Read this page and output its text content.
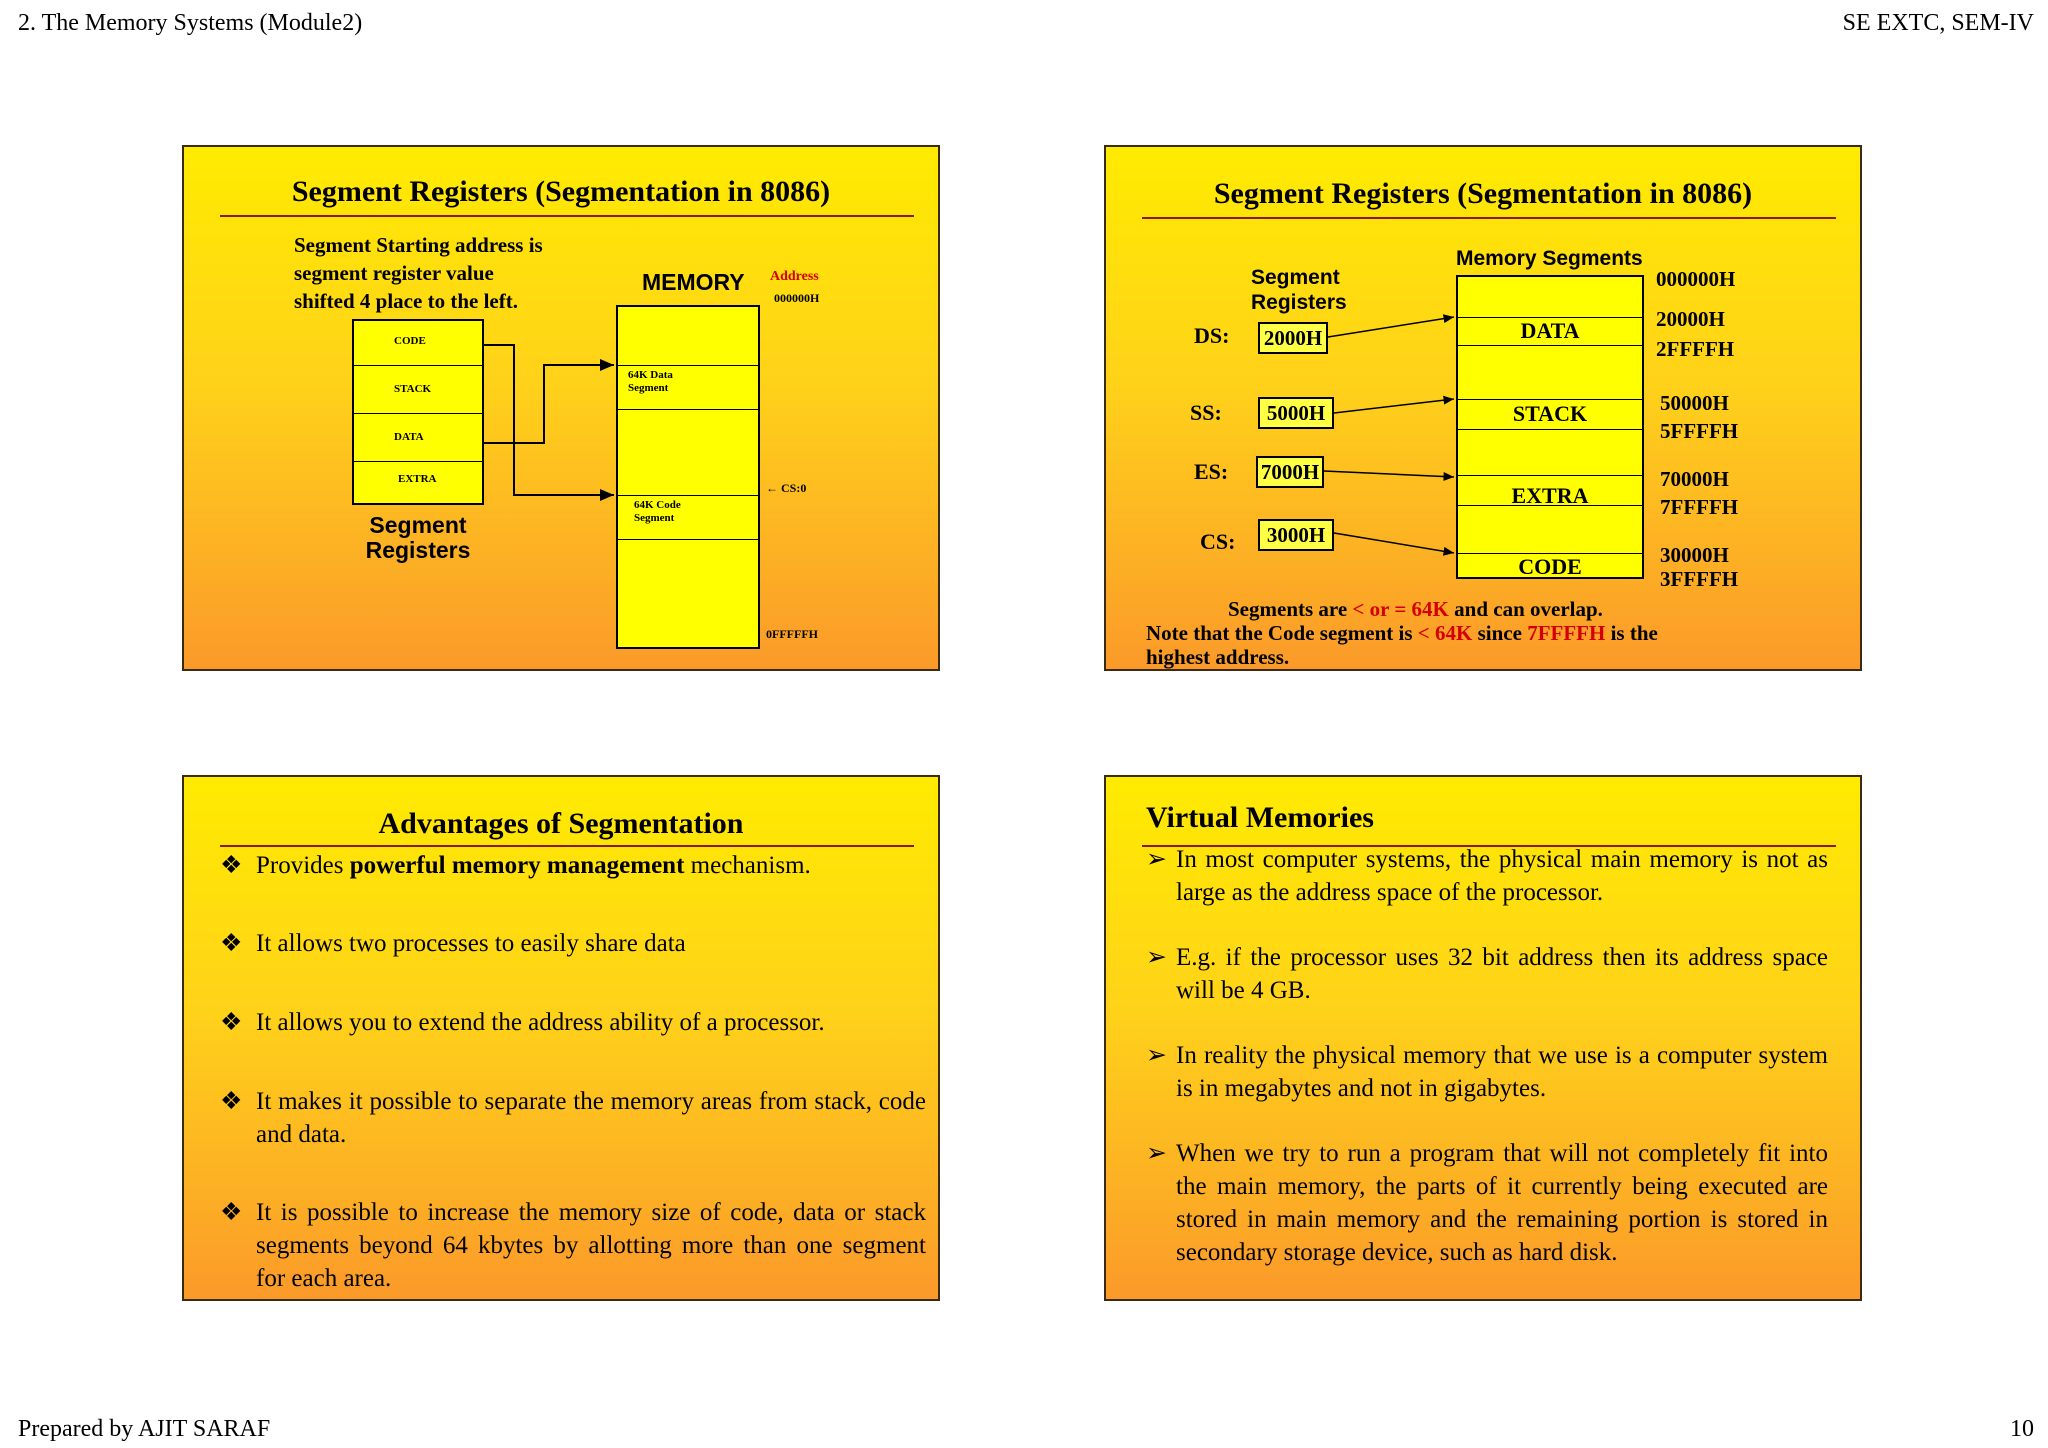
2. The Memory Systems (Module2)	SE EXTC, SEM-IV
Prepared by AJIT SARAF	10
Segment Registers (Segmentation in 8086)
Segment Starting address is
segment register value
shifted 4 place to the left.
MEMORY Address
000000H
CODE
STACK
DATA
EXTRA
Segment
Registers
64K Data
Segment
64K Code
Segment
← CS:0
0FFFFFH
Segment Registers (Segmentation in 8086)
Memory Segments
Segment
Registers
DS: 2000H
SS:	5000H
ES: 7000H
CS:	3000H
DATA
STACK
EXTRA
CODE
000000H
20000H
2FFFFH
50000H
5FFFFH
70000H
7FFFFH
30000H
3FFFFH
Segments are < or = 64K and can overlap.
Note that the Code segment is < 64K since 7FFFFH is the
highest address.
Advantages of Segmentation
❖ Provides powerful memory management mechanism.
❖ It allows two processes to easily share data
❖ It allows you to extend the address ability of a processor.
❖ It makes it possible to separate the memory areas from stack, code and data.
❖ It is possible to increase the memory size of code, data or stack segments beyond 64 kbytes by allotting more than one segment for each area.
Virtual Memories
➢ In most computer systems, the physical main memory is not as large as the address space of the processor.
➢ E.g. if the processor uses 32 bit address then its address space will be 4 GB.
➢ In reality the physical memory that we use is a computer system is in megabytes and not in gigabytes.
➢ When we try to run a program that will not completely fit into the main memory, the parts of it currently being executed are stored in main memory and the remaining portion is stored in secondary storage device, such as hard disk.
